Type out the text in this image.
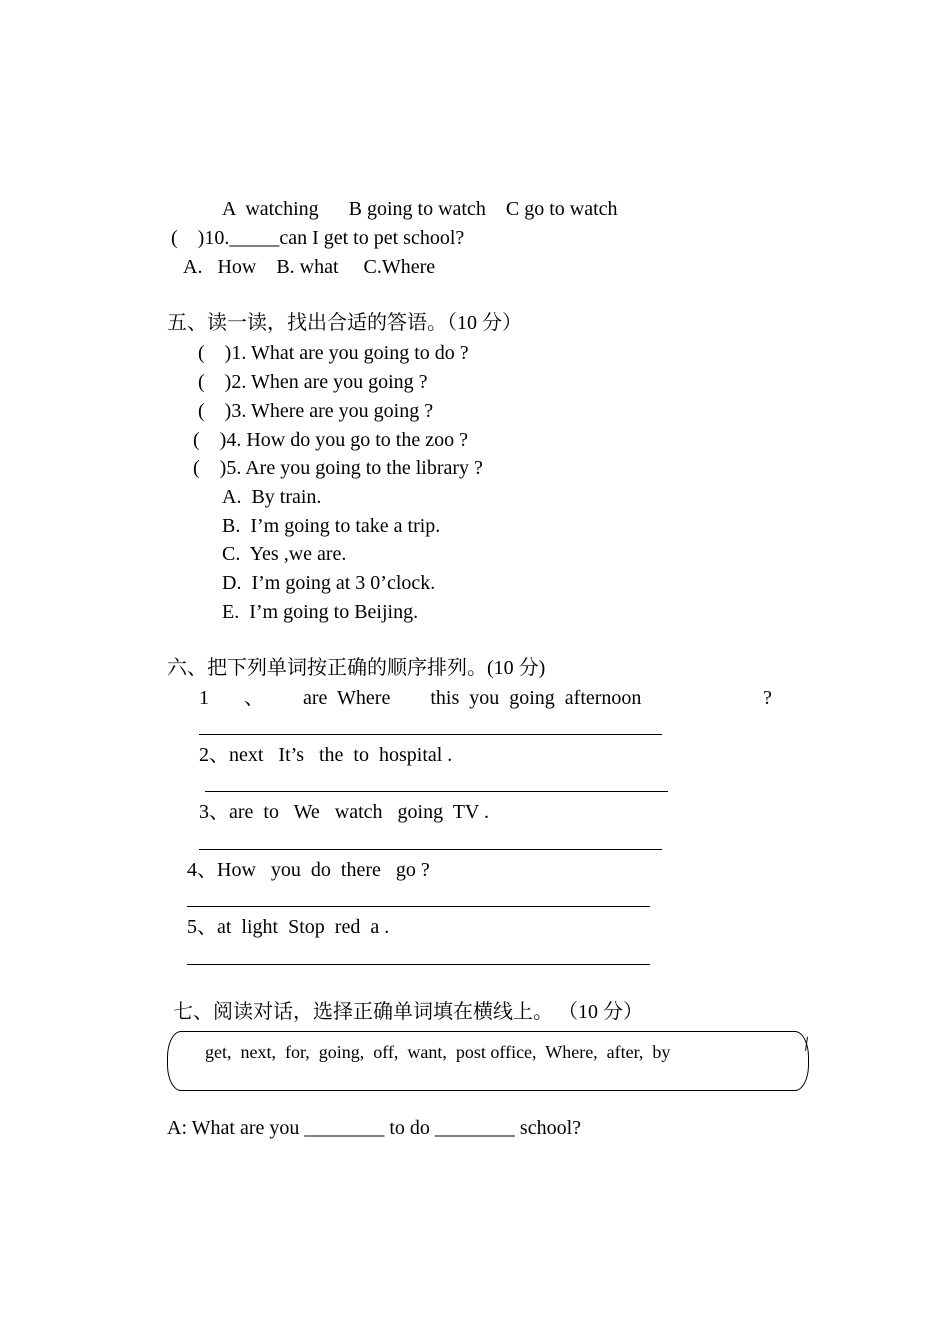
A  watching      B going to watch    C go to watch
(    )10._____can I get to pet school?
A.   How    B. what     C.Where
五、读一读，找出合适的答语。（10 分）
(    )1. What are you going to do ?
(    )2. When are you going ?
(    )3. Where are you going ?
(    )4. How do you go to the zoo ?
(    )5. Are you going to the library ?
A.  By train.
B.  I’m going to take a trip.
C.  Yes ,we are.
D.  I’m going at 3 0’clock.
E.  I’m going to Beijing.
六、把下列单词按正确的顺序排列。(10 分)
1 、 are  Where        this  you  going  afternoon	?
2、next   It’s   the  to  hospital .
3、are  to   We   watch   going  TV .
4、How   you  do  there   go ?
5、at  light  Stop  red  a .
七、阅读对话，选择正确单词填在横线上。 （10 分）
get,  next,  for,  going,  off,  want,  post office,  Where,  after,  by
A: What are you ________ to do ________ school?
